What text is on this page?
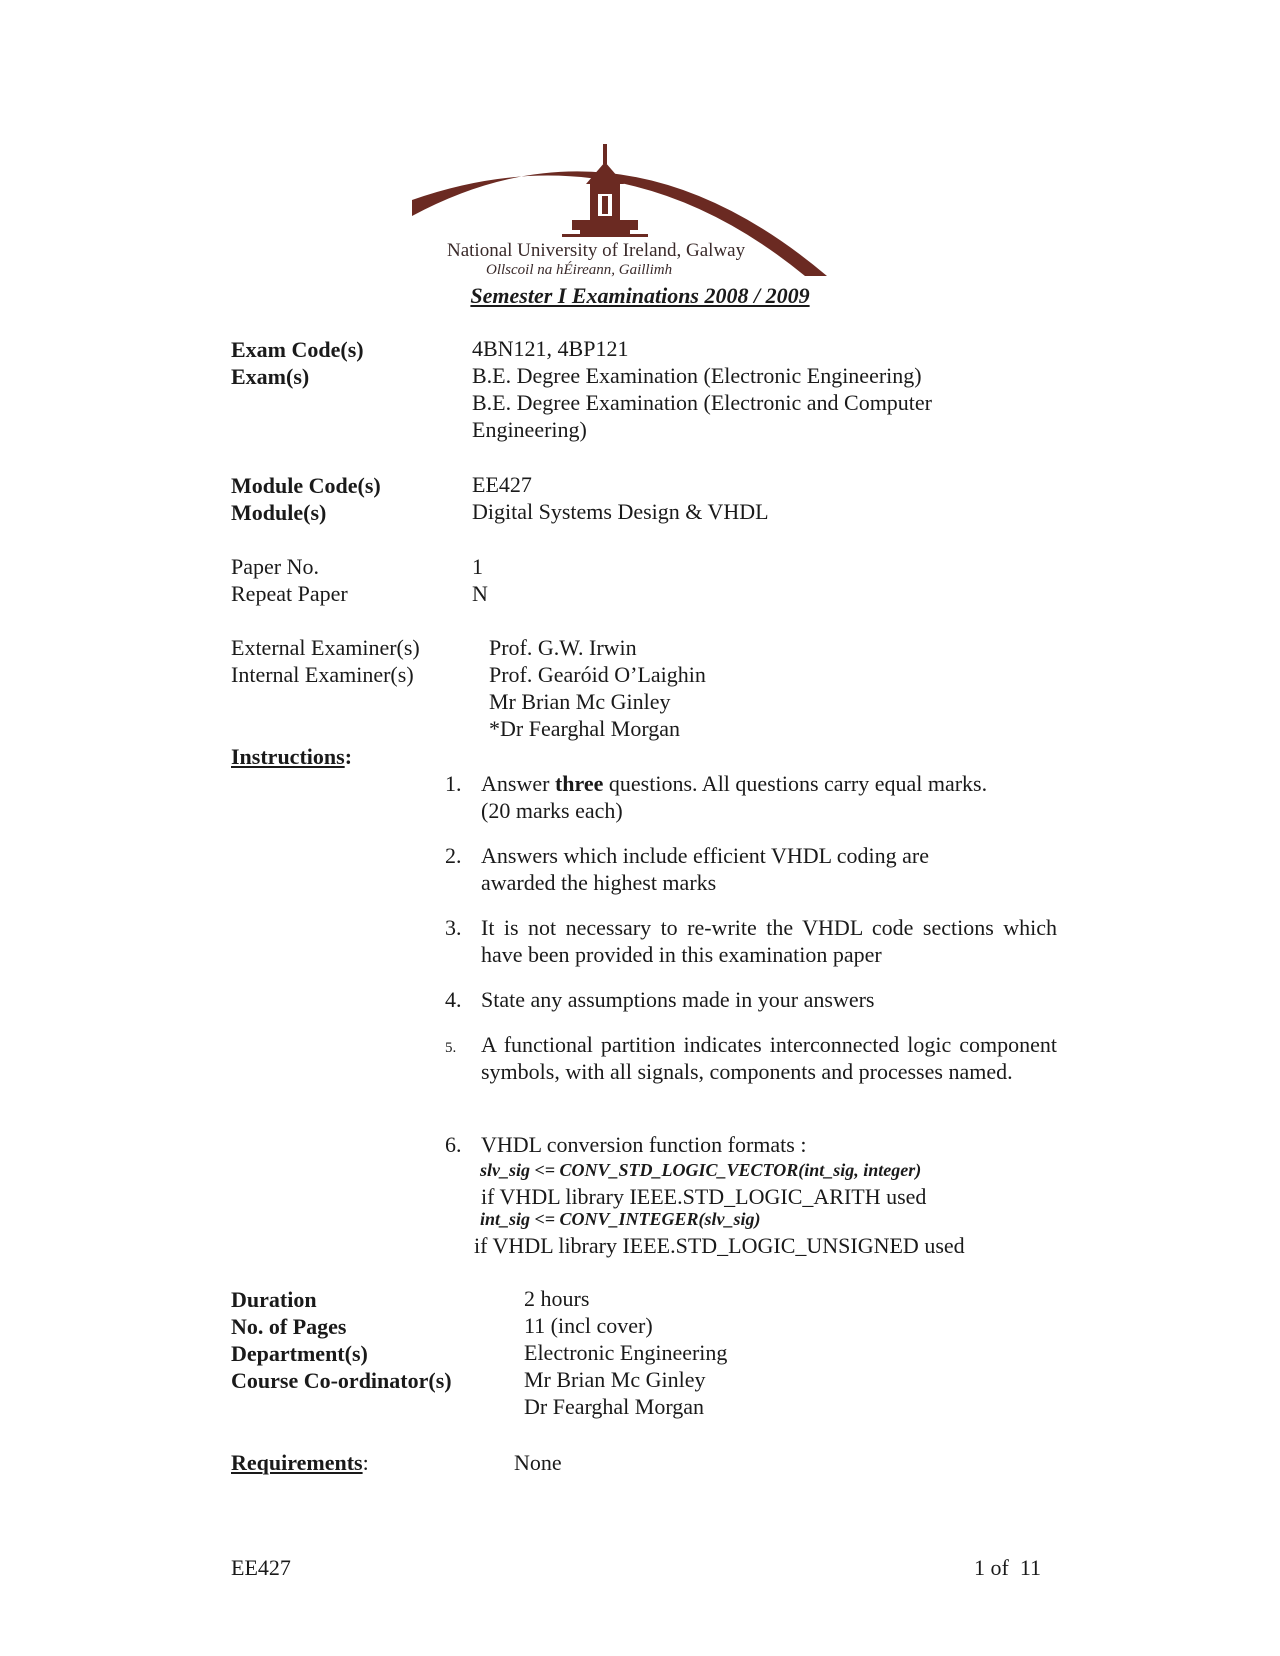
National University of Ireland, Galway
Ollscoil na hÉireann, Gaillimh
Semester I Examinations 2008 / 2009
Exam Code(s)	4BN121, 4BP121
Exam(s)	B.E. Degree Examination (Electronic Engineering)
B.E. Degree Examination (Electronic and Computer
Engineering)
Module Code(s)	EE427
Module(s)	Digital Systems Design & VHDL
Paper No.	1
Repeat Paper	N
External Examiner(s)	Prof. G.W. Irwin
Internal Examiner(s)	Prof. Gearóid O’Laighin
Mr Brian Mc Ginley
*Dr Fearghal Morgan
Instructions:
1. Answer three questions. All questions carry equal marks.
(20 marks each)
2. Answers which include efficient VHDL coding are awarded the highest marks
3. It is not necessary to re-write the VHDL code sections which have been provided in this examination paper
4. State any assumptions made in your answers
5.	A functional partition indicates interconnected logic component symbols, with all signals, components and processes named.
6. VHDL conversion function formats :
slv_sig <= CONV_STD_LOGIC_VECTOR(int_sig, integer)
if VHDL library IEEE.STD_LOGIC_ARITH used
int_sig <= CONV_INTEGER(slv_sig)
if VHDL library IEEE.STD_LOGIC_UNSIGNED used
Duration	2 hours
No. of Pages	11 (incl cover)
Department(s)	Electronic Engineering
Course Co-ordinator(s)	Mr Brian Mc Ginley
Dr Fearghal Morgan
Requirements:	None
EE427	1 of  11
